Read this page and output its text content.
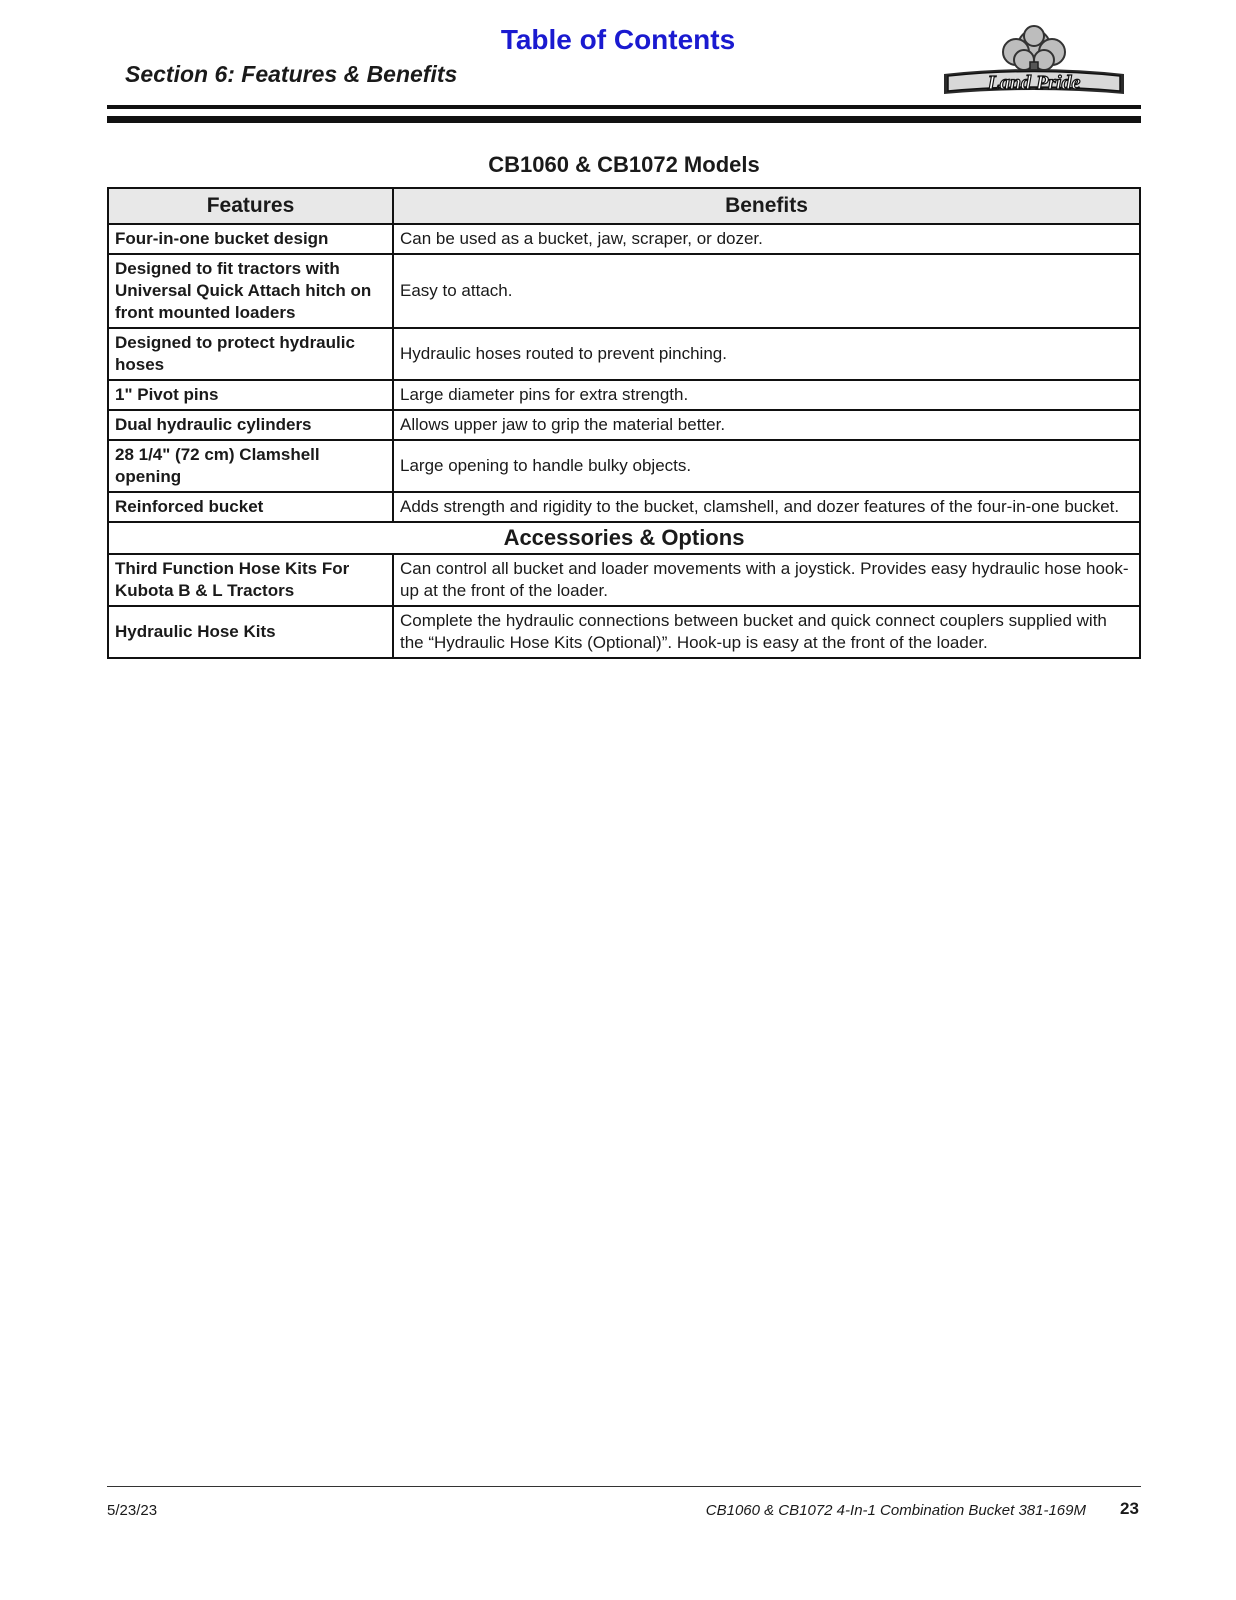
Table of Contents
Section 6: Features & Benefits	Land Pride
CB1060 & CB1072 Models
Features	Benefits
Four-in-one bucket design	Can be used as a bucket, jaw, scraper, or dozer.
Designed to fit tractors with Universal Quick Attach hitch on front mounted loaders	Easy to attach.
Designed to protect hydraulic hoses	Hydraulic hoses routed to prevent pinching.
1" Pivot pins	Large diameter pins for extra strength.
Dual hydraulic cylinders	Allows upper jaw to grip the material better.
28 1/4" (72 cm) Clamshell opening	Large opening to handle bulky objects.
Reinforced bucket	Adds strength and rigidity to the bucket, clamshell, and dozer features of the four-in-one bucket.
Accessories & Options	
Third Function Hose Kits For Kubota B & L Tractors	Can control all bucket and loader movements with a joystick. Provides easy hydraulic hose hook-up at the front of the loader.
Hydraulic Hose Kits	Complete the hydraulic connections between bucket and quick connect couplers supplied with the “Hydraulic Hose Kits (Optional)”. Hook-up is easy at the front of the loader.
5/23/23	CB1060 & CB1072 4-In-1 Combination Bucket 381-169M 23
